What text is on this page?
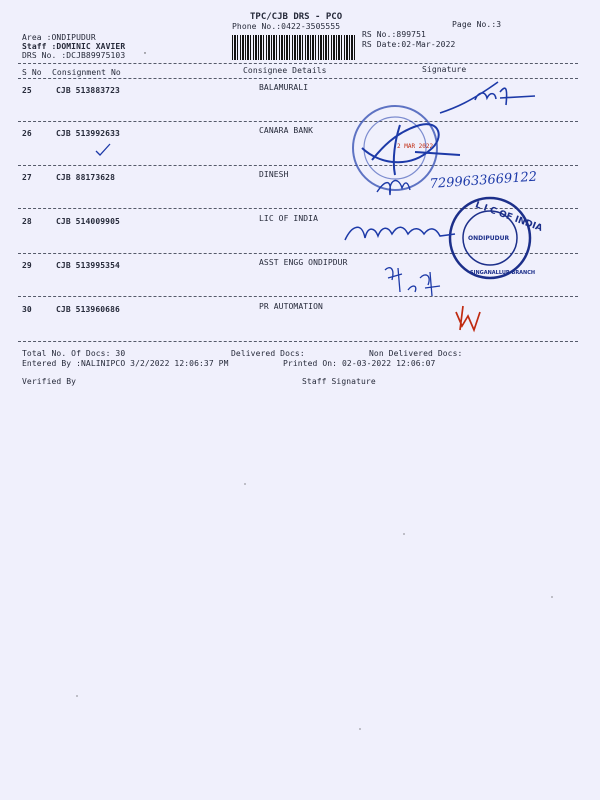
TPC/CJB DRS - PCO
Phone No.:0422-3505555	Page No.:3
RS No.:899751
RS Date:02-Mar-2022
Area :ONDIPUDUR
Staff :DOMINIC XAVIER
DRS No. :DCJB89975103
S No Consignment No	Consignee Details	Signature
25	CJB 513883723	BALAMURALI
26	CJB 513992633	CANARA BANK
27	CJB 88173628	DINESH
28	CJB 514009905	LIC OF INDIA
29	CJB 513995354	ASST ENGG ONDIPDUR
30	CJB 513960686	PR AUTOMATION
Total No. Of Docs: 30	Delivered Docs:	Non Delivered Docs:
Entered By :NALINIPCO 3/2/2022 12:06:37 PM	Printed On: 02-03-2022 12:06:07
Verified By	Staff Signature
2 MAR 2022
7299633669122
L I C OF INDIA
ONDIPUDUR
SINGANALLUR BRANCH
